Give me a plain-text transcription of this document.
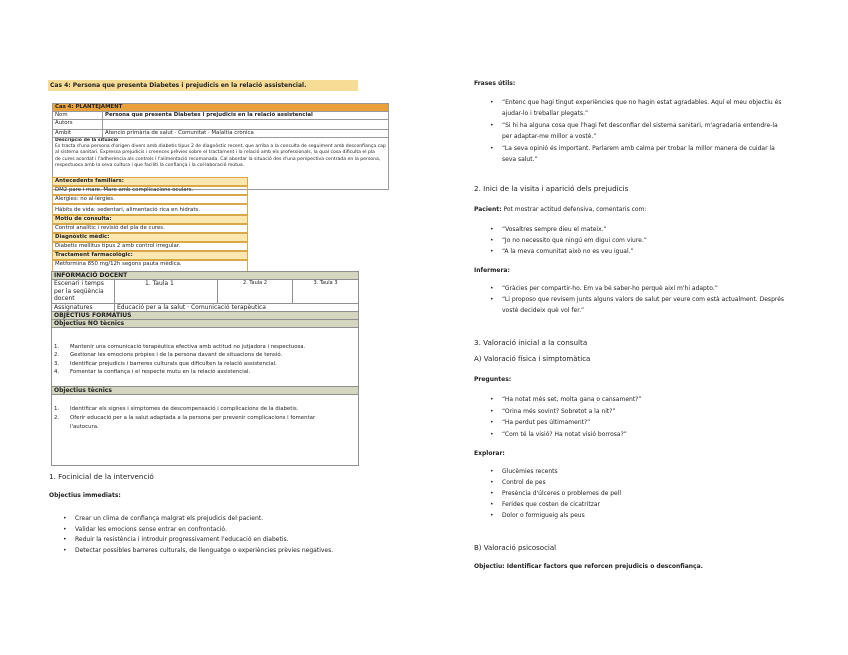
Cas 4: Persona que presenta Diabetes i prejudicis en la relació assistencial.
Cas 4: PLANTEJAMENT	
Nom	Persona que presenta Diabetes i prejudicis en la relació assistencial
Autors	
Àmbit	Atenció primària de salut · Comunitat · Malaltia crònica

Descripció de la situació
Es tracta d'una persona d'origen divers amb diabetis tipus 2 de diagnòstic recent, que arriba a la consulta de seguiment amb desconfiança cap
al sistema sanitari. Expressa prejudicis i creences prèvies sobre el tractament i la relació amb els professionals, la qual cosa dificulta el pla
de cures acordat i l'adherència als controls i l'alimentació recomanada. Cal abordar la situació des d'una perspectiva centrada en la persona,
respectuosa amb la seva cultura i que faciliti la confiança i la col·laboració mútua.	
Antecedents familiars:
DM2 pare i mare. Mare amb complicacions oculars.
Alergies: no al·lèrgies.
Hàbits de vida: sedentari, alimentació rica en hidrats.
Motiu de consulta:
Control analític i revisió del pla de cures.
Diagnòstic mèdic:
Diabetis mellitus tipus 2 amb control irregular.
Tractament farmacològic:
Metformina 850 mg/12h segons pauta mèdica.
INFORMACIÓ DOCENT			
Escenari i temps per la seqüència docent	1. Taula 1	2. Taula 2	3. Taula 3
Assignatures	Educació per a la salut · Comunicació terapèutica		
OBJECTIUS FORMATIUS			
Objectius NO tècnics			

1. Mantenir una comunicació terapèutica efectiva amb actitud no jutjadora i respectuosa.
2. Gestionar les emocions pròpies i de la persona davant de situacions de tensió.
3. Identificar prejudicis i barreres culturals que dificulten la relació assistencial.
4. Fomentar la confiança i el respecte mutu en la relació assistencial.			

Objectius tècnics			

1. Identificar els signes i símptomes de descompensació i complicacions de la diabetis.
2. Oferir educació per a la salut adaptada a la persona per prevenir complicacions i fomentar
l'autocura.			
1. Focinicial de la intervenció
Objectius immediats:
• Crear un clima de confiança malgrat els prejudicis del pacient.
• Validar les emocions sense entrar en confrontació.
• Reduir la resistència i introduir progressivament l'educació en diabetis.
• Detectar possibles barreres culturals, de llenguatge o experiències prèvies negatives.
Frases útils:
• “Entenc que hagi tingut experiències que no hagin estat agradables. Aquí el meu objectiu és
ajudar-lo i treballar plegats.”
• “Si hi ha alguna cosa que l'hagi fet desconfiar del sistema sanitari, m'agradaria entendre-la
per adaptar-me millor a vostè.”
• “La seva opinió és important. Parlarem amb calma per trobar la millor manera de cuidar la
seva salut.”
2. Inici de la visita i aparició dels prejudicis
Pacient: Pot mostrar actitud defensiva, comentaris com:
• “Vosaltres sempre dieu el mateix.”
• “Jo no necessito que ningú em digui com viure.”
• “A la meva comunitat això no es veu igual.”
Infermera:
• “Gràcies per compartir-ho. Em va bé saber-ho perquè així m'hi adapto.”
• “Li proposo que revisem junts alguns valors de salut per veure com està actualment. Després
vostè decideix què vol fer.”
3. Valoració inicial a la consulta
A) Valoració física i simptomàtica
Preguntes:
• “Ha notat més set, molta gana o cansament?”
• “Orina més sovint? Sobretot a la nit?”
• “Ha perdut pes últimament?”
• “Com té la visió? Ha notat visió borrosa?”
Explorar:
• Glucèmies recents
• Control de pes
• Presència d'úlceres o problemes de pell
• Ferides que costen de cicatritzar
• Dolor o formigueig als peus
B) Valoració psicosocial
Objectiu: Identificar factors que reforcen prejudicis o desconfiança.
